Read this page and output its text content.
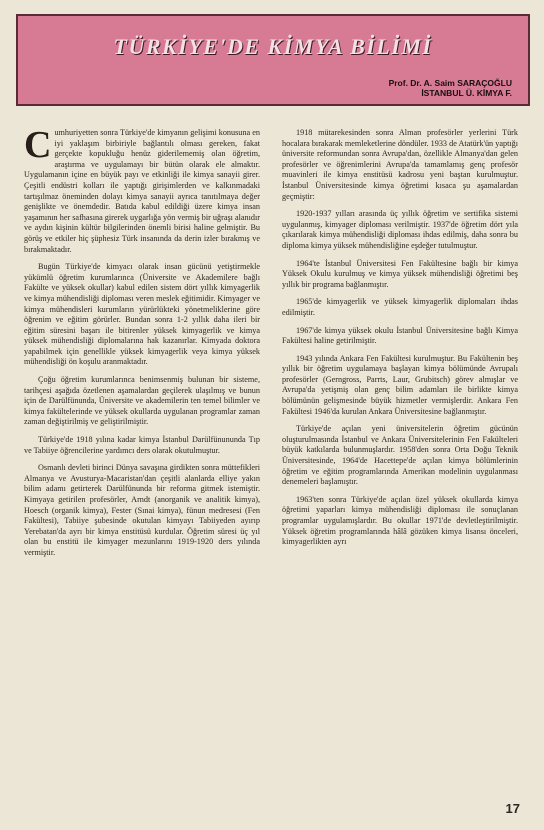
TÜRKİYE'DE KİMYA BİLİMİ
Prof. Dr. A. Saim SARAÇOĞLU
İSTANBUL Ü. KİMYA F.

Cumhuriyetten sonra Türkiye'de kimyanın gelişimi konusuna en iyi yaklaşım birbiriyle bağlantılı olması gereken, fakat gerçekte kopukluğu henüz giderilememiş olan öğretim, araştırma ve uygulamayı bir bütün olarak ele almaktır. Uygulamanın içine en büyük payı ve etkinliği ile kimya sanayii girer. Çeşitli endüstri kolları ile yaptığı girişimlerden ve kalkınmadaki tartışılmaz öneminden dolayı kimya sanayii ayrıca tanıtılmaya değer genişlikte ve önemdedir. Batıda kabul edildiği üzere kimya insan yaşamının her safhasına girerek uygarlığa yön vermiş bir uğraşı alanıdır ve aydın kişinin kültür bilgilerinden önemli birisi haline gelmiştir. Bu görüş ve etkiler hiç şüphesiz Türk insanında da derin izler bırakmış ve bırakmaktadır.

Bugün Türkiye'de kimyacı olarak insan gücünü yetiştirmekle yükümlü öğretim kurumlarınca (Üniversite ve Akademilere bağlı Fakülte ve yüksek okullar) kabul edilen sistem dört yıllık kimyagerlik ve kimya mühendisliği diploması veren meslek eğitimidir. Kimyager ve kimya mühendisleri kurumların yürürlükteki yönetmeliklerine göre öğrenim ve eğitim görürler. Bundan sonra 1-2 yıllık daha ileri bir eğitim süresini başarı ile bitirenler yüksek kimyagerlik ve kimya yüksek mühendisliği diplomalarına hak kazanırlar. Kimyada doktora yapabilmek için genellikle yüksek kimyagerlik veya kimya yüksek mühendisliği ön koşulu aranmaktadır.

Çoğu öğretim kurumlarınca benimsenmiş bulunan bir sisteme, tarihçesi aşağıda özetlenen aşamalardan geçilerek ulaşılmış ve bunun için de Darülfünunda, Üniversite ve akademilerin ten temel bilimler ve kimya fakültelerinde ve yüksek okullarda uygulanan programlar zaman zaman değiştirilmiş ve geliştirilmiştir.

Türkiye'de 1918 yılına kadar kimya İstanbul Darülfünununda Tıp ve Tabiiye öğrencilerine yardımcı ders olarak okutulmuştur.

Osmanlı devleti birinci Dünya savaşına girdikten sonra müttefikleri Almanya ve Avusturya-Macaristan'dan çeşitli alanlarda elliye yakın bilim adamı getirterek Darülfünunda bir reforma gitmek istemiştir. Kimyaya getirilen profesörler, Arndt (anorganik ve analitik kimya), Hoesch (organik kimya), Fester (Sınai kimya), fünun medresesi (Fen Fakültesi), Tabiiye şubesinde okutulan kimyayı Tabiiyeden ayırıp Yerebatan'da ayrı bir kimya enstitüsü kurdular. Öğretim süresi üç yıl olan bu enstitü ile kimyager mezunlarını 1919-1920 ders yılında vermiştir.

1918 mütarekesinden sonra Alman profesörler yerlerini Türk hocalara bırakarak memleketlerine döndüler. 1933 de Atatürk'ün yaptığı üniversite reformundan sonra Avrupa'dan, özellikle Almanya'dan gelen profesörler ve öğrenimlerini Avrupa'da tamamlamış genç profesör muavinleri ile kimya enstitüsü kadrosu yeni baştan kurulmuştur. İstanbul Üniversitesinde kimya öğretimi kısaca şu aşamalardan geçmiştir:

1920-1937 yılları arasında üç yıllık öğretim ve sertifika sistemi uygulanmış, kimyager diploması verilmiştir. 1937'de öğretim dört yıla çıkarılarak kimya mühendisliği diploması ihdas edilmiş, daha sonra bu diploma kimya yüksek mühendisliğine eşdeğer tutulmuştur.

1964'te İstanbul Üniversitesi Fen Fakültesine bağlı bir kimya Yüksek Okulu kurulmuş ve kimya yüksek mühendisliği öğretimi beş yıllık bir programa bağlanmıştır.

1965'de kimyagerlik ve yüksek kimyagerlik diplomaları ihdas edilmiştir.

1967'de kimya yüksek okulu İstanbul Üniversitesine bağlı Kimya Fakültesi haline getirilmiştir.

1943 yılında Ankara Fen Fakültesi kurulmuştur. Bu Fakültenin beş yıllık bir öğretim uygulamaya başlayan kimya bölümünde Avrupalı profesörler (Gerngross, Parrts, Laur, Grubitsch) görev almışlar ve Avrupa'da yetişmiş olan genç bilim adamları ile birlikte kimya bölümünün gelişmesinde büyük hizmetler vermişlerdir. Ankara Fen Fakültesi 1946'da kurulan Ankara Üniversitesine bağlanmıştır.

Türkiye'de açılan yeni üniversitelerin öğretim gücünün oluşturulmasında İstanbul ve Ankara Üniversitelerinin Fen Fakülteleri büyük katkılarda bulunmuşlardır. 1958'den sonra Orta Doğu Teknik Üniversitesinde, 1964'de Hacettepe'de açılan kimya bölümlerinin öğretim ve eğitim programlarında Amerikan modelinin uygulanması denemeleri başlamıştır.

1963'ten sonra Türkiye'de açılan özel yüksek okullarda kimya öğretimi yaparları kimya mühendisliği diploması ile sonuçlanan programlar uygulamışlardır. Bu okullar 1971'de devletleştirilmiştir. Yüksek öğretim programlarında hâlâ gözüken kimya lisansı önceleri, kimyagerlikten ayrı

17
